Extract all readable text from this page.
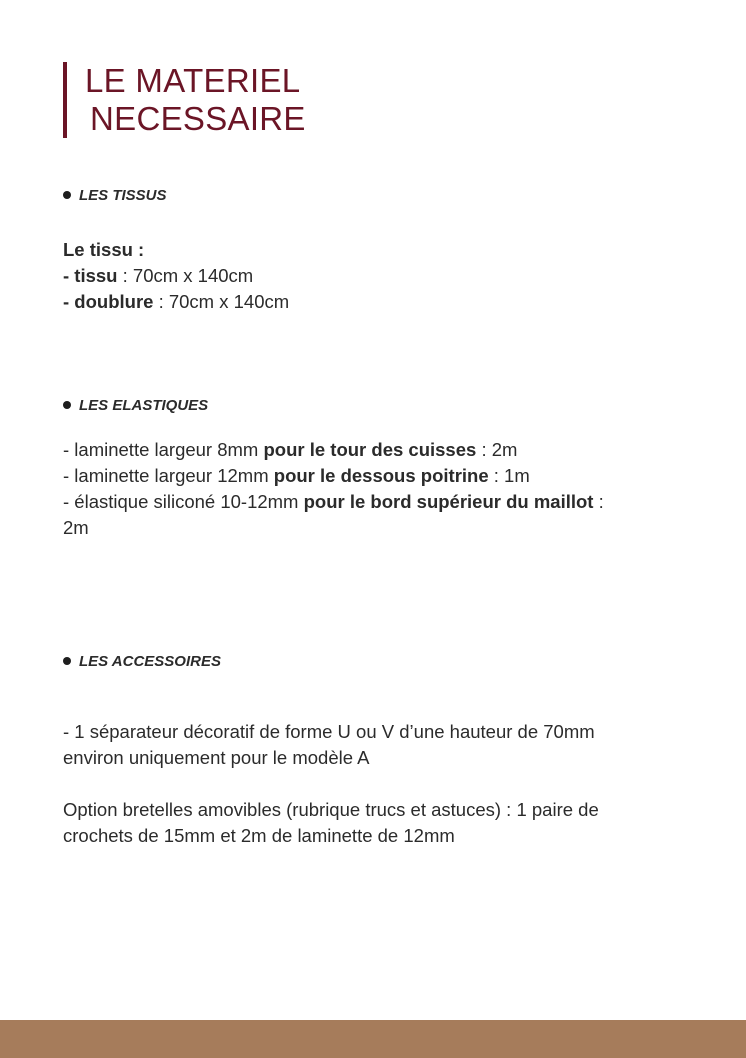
LE MATERIEL
NECESSAIRE
LES TISSUS
Le tissu :
- tissu : 70cm x 140cm
- doublure : 70cm x 140cm
LES ELASTIQUES
- laminette largeur 8mm pour le tour des cuisses : 2m
- laminette largeur 12mm pour le dessous poitrine : 1m
- élastique siliconé 10-12mm pour le bord supérieur du maillot :
2m
LES ACCESSOIRES
- 1 séparateur décoratif de forme U ou V d’une hauteur de 70mm
environ uniquement pour le modèle A
Option bretelles amovibles (rubrique trucs et astuces) : 1 paire de
crochets de 15mm et 2m de laminette de 12mm
